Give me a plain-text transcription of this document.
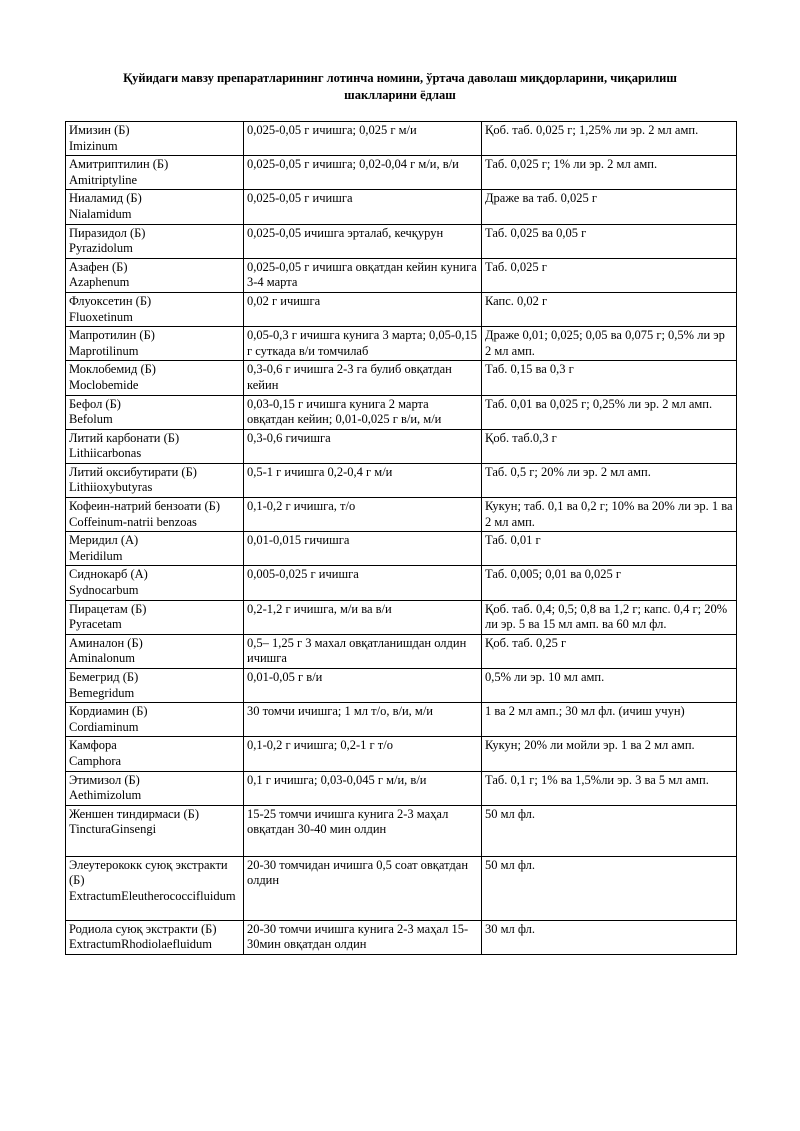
Қуйидаги мавзу препаратларининг лотинча номини, ўртача даволаш миқдорларини, чиқарилиш шаклларини ёдлаш
Имизин (Б)
Imizinum	0,025-0,05 г ичишга; 0,025 г м/и	Қоб. таб. 0,025 г; 1,25% ли эр. 2 мл амп.

Амитриптилин (Б)
Amitriptyline	0,025-0,05 г ичишга; 0,02-0,04 г м/и, в/и	Таб. 0,025 г; 1% ли эр. 2 мл амп.

Ниаламид (Б)
Nialamidum	0,025-0,05 г ичишга	Драже ва таб. 0,025 г

Пиразидол (Б)
Pyrazidolum	0,025-0,05 ичишга эрталаб, кечқурун	Таб. 0,025 ва 0,05 г

Азафен (Б)
Azaphenum	0,025-0,05 г ичишга овқатдан кейин кунига 3-4 марта	Таб. 0,025 г

Флуоксетин (Б)
Fluoxetinum	0,02 г ичишга	Капс. 0,02 г

Мапротилин (Б)
Maprotilinum	0,05-0,3 г ичишга кунига 3 марта; 0,05-0,15 г суткада в/и томчилаб	Драже 0,01; 0,025; 0,05 ва 0,075 г; 0,5% ли эр 2 мл амп.

Моклобемид (Б)
Moclobemide	0,3-0,6 г ичишга 2-3 га булиб овқатдан кейин	Таб. 0,15 ва 0,3 г

Бефол (Б)
Befolum	0,03-0,15 г ичишга кунига 2 марта овқатдан кейин; 0,01-0,025 г в/и, м/и	Таб. 0,01 ва 0,025 г; 0,25% ли эр. 2 мл амп.

Литий карбонати (Б)
Lithiicarbonas	0,3-0,6 гичишга	Қоб. таб.0,3 г

Литий оксибутирати (Б)
Lithiioxybutyras	0,5-1 г ичишга 0,2-0,4 г м/и	Таб. 0,5 г; 20% ли эр. 2 мл амп.

Кофеин-натрий бензоати (Б)
Coffeinum-natrii benzoas	0,1-0,2 г ичишга, т/о	Кукун; таб. 0,1 ва 0,2 г; 10% ва 20% ли эр. 1 ва 2 мл амп.

Меридил (А)
Meridilum	0,01-0,015 гичишга	Таб. 0,01 г

Сиднокарб (А)
Sydnocarbum	0,005-0,025 г ичишга	Таб. 0,005; 0,01 ва 0,025 г

Пирацетам (Б)
Pyracetam	0,2-1,2 г ичишга, м/и ва в/и	Қоб. таб. 0,4; 0,5; 0,8 ва 1,2 г; капс. 0,4 г; 20% ли эр. 5 ва 15 мл амп. ва 60 мл фл.

Аминалон (Б)
Aminalonum	0,5– 1,25 г 3 махал овқатланишдан олдин ичишга	Қоб. таб. 0,25 г

Бемегрид (Б)
Bemegridum	0,01-0,05 г в/и	0,5% ли эр. 10 мл амп.

Кордиамин (Б)
Cordiaminum	30 томчи ичишга; 1 мл т/о, в/и, м/и	1 ва 2 мл амп.; 30 мл фл. (ичиш учун)

Камфора
Camphora	0,1-0,2 г ичишга; 0,2-1 г т/о	Кукун; 20% ли мойли эр. 1 ва 2 мл амп.

Этимизол (Б)
Aethimizolum	0,1 г ичишга; 0,03-0,045 г м/и, в/и	Таб. 0,1 г; 1% ва 1,5%ли эр. 3 ва 5 мл амп.

Женшен тиндирмаси (Б)
TincturaGinsengi	15-25 томчи ичишга кунига 2-3 маҳал овқатдан 30-40 мин олдин	50 мл фл.

Элеутерококк суюқ экстракти (Б)
ExtractumEleutherococcifluidum	20-30 томчидан ичишга 0,5 соат овқатдан олдин	50 мл фл.

Родиола суюқ экстракти (Б)
ExtractumRhodiolaefluidum	20-30 томчи ичишга кунига 2-3 маҳал 15-30мин овқатдан олдин	30 мл фл.
